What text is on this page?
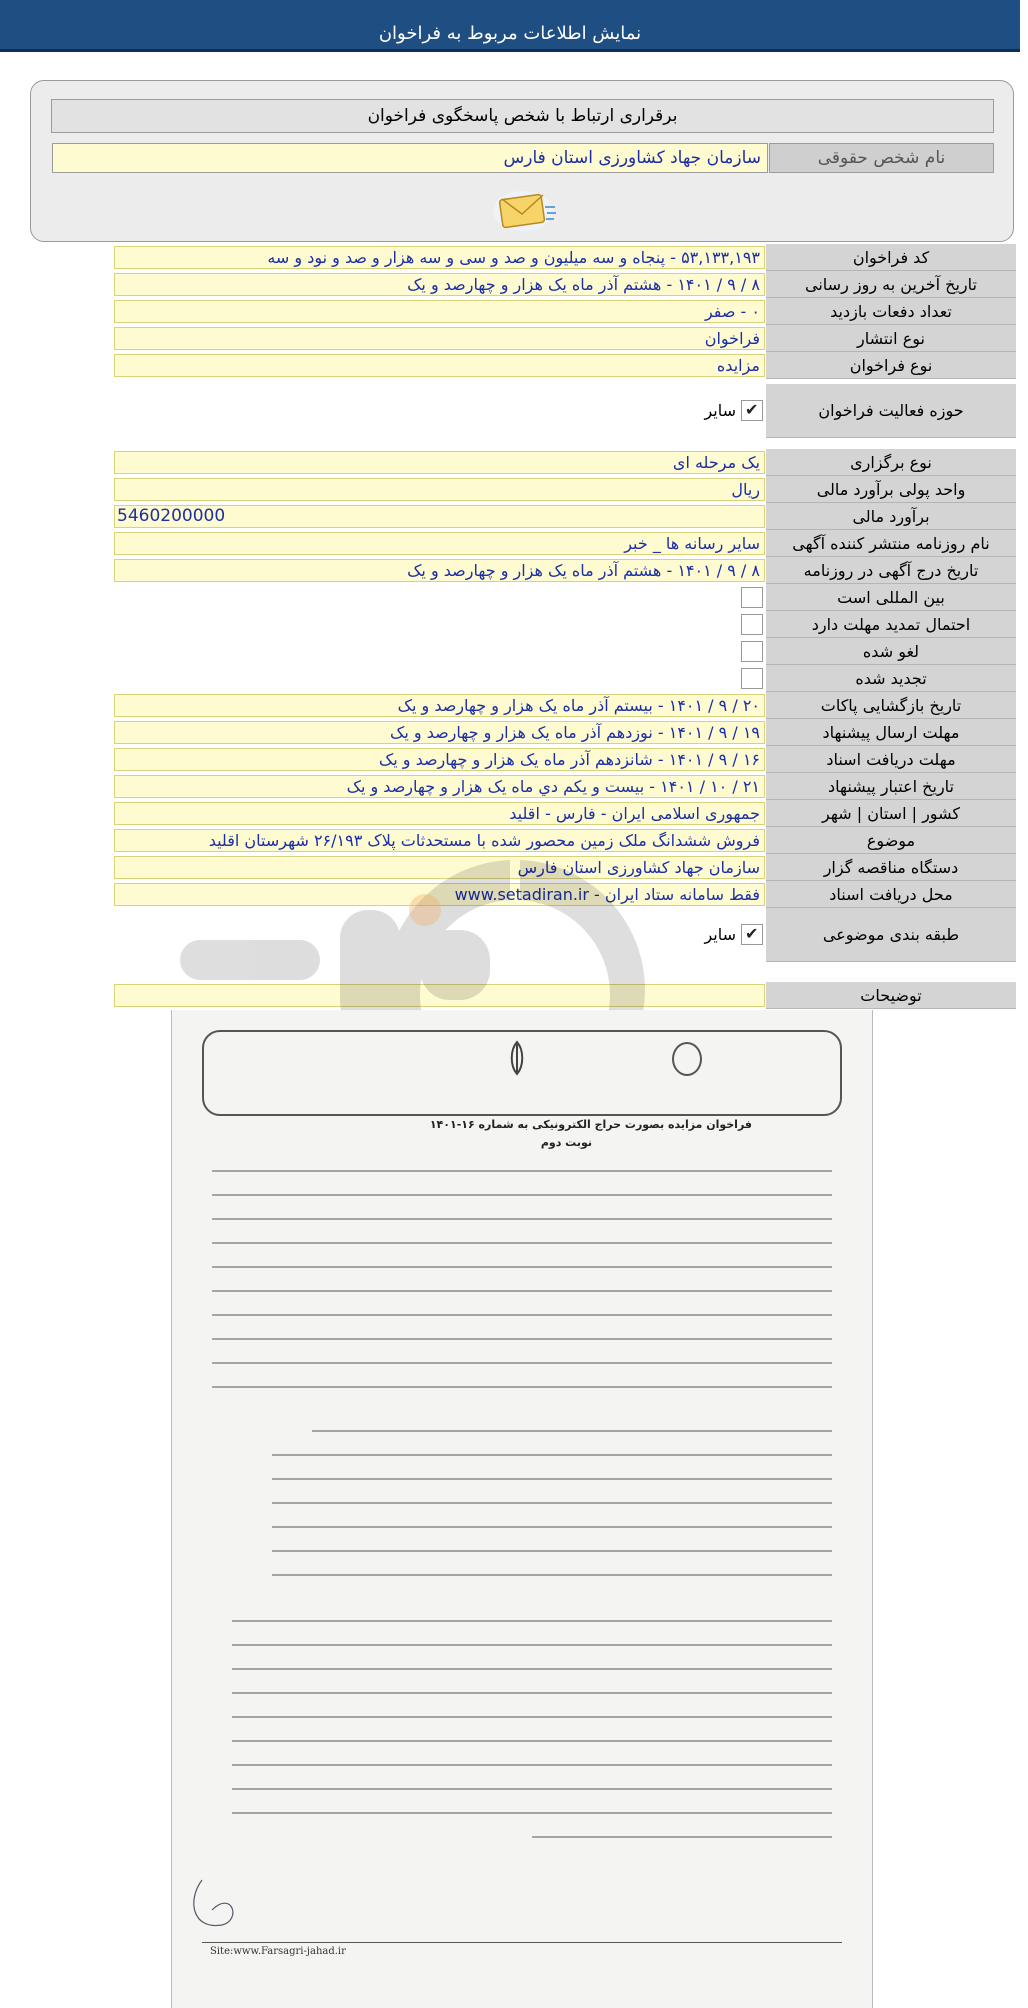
نمایش اطلاعات مربوط به فراخوان
برقراری ارتباط با شخص پاسخگوی فراخوان
نام شخص حقوقی
سازمان جهاد کشاورزی استان فارس
کد فراخوان
۵۳,۱۳۳,۱۹۳ - پنجاه و سه میلیون و صد و سی و سه هزار و صد و نود و سه
تاریخ آخرین به روز رسانی
۸ / ۹ / ۱۴۰۱ - هشتم آذر ماه یک هزار و چهارصد و یک
تعداد دفعات بازدید
۰ - صفر
نوع انتشار
فراخوان
نوع فراخوان
مزایده
حوزه فعالیت فراخوان
✔
سایر
نوع برگزاری
یک مرحله ای
واحد پولی برآورد مالی
ریال
برآورد مالی
5460200000
نام روزنامه منتشر کننده آگهی
سایر رسانه ها _ خبر
تاریخ درج آگهی در روزنامه
۸ / ۹ / ۱۴۰۱ - هشتم آذر ماه یک هزار و چهارصد و یک
بین المللی است
احتمال تمدید مهلت دارد
لغو شده
تجدید شده
تاریخ بازگشایی پاکات
۲۰ / ۹ / ۱۴۰۱ - بیستم آذر ماه یک هزار و چهارصد و یک
مهلت ارسال پیشنهاد
۱۹ / ۹ / ۱۴۰۱ - نوزدهم آذر ماه یک هزار و چهارصد و یک
مهلت دریافت اسناد
۱۶ / ۹ / ۱۴۰۱ - شانزدهم آذر ماه یک هزار و چهارصد و یک
تاریخ اعتبار پیشنهاد
۲۱ / ۱۰ / ۱۴۰۱ - بیست و یکم دي ماه یک هزار و چهارصد و یک
کشور | استان | شهر
جمهوری اسلامی ایران - فارس - اقلید
موضوع
فروش ششدانگ ملک زمین محصور شده با مستحدثات پلاک ۲۶/۱۹۳ شهرستان اقلید
دستگاه مناقصه گزار
سازمان جهاد کشاورزی استان فارس
محل دریافت اسناد
فقط سامانه ستاد ایران - www.setadiran.ir
طبقه بندی موضوعی
✔
سایر
توضیحات
فراخوان مزایده بصورت حراج الکترونیکی به شماره ۱۶-۱۴۰۱
نوبت دوم
Site:www.Farsagri-jahad.ir
